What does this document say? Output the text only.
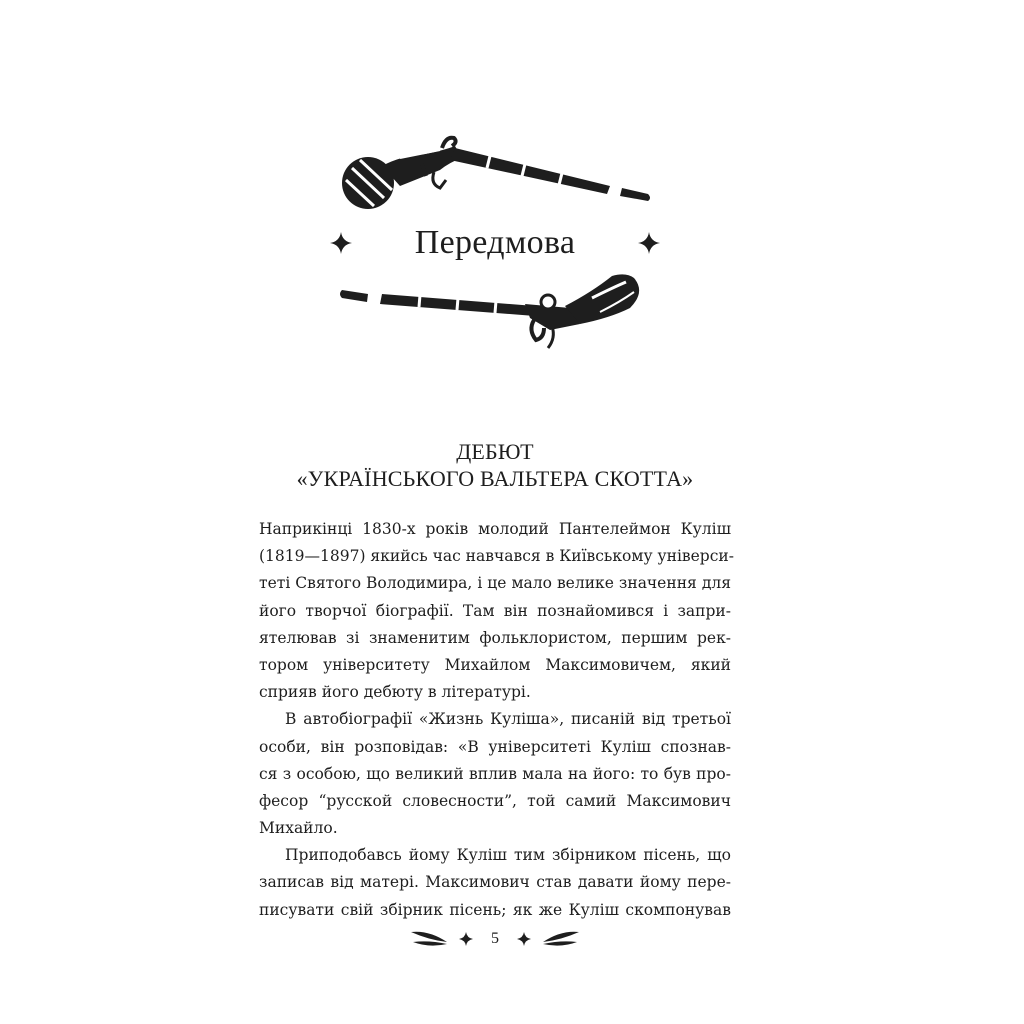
Передмова
ДЕБЮТ
«УКРАЇНСЬКОГО ВАЛЬТЕРА СКОТТА»
Наприкінці 1830-х років молодий Пантелеймон Куліш
(1819—1897) якийсь час навчався в Київському універси-
теті Святого Володимира, і це мало велике значення для
його творчої біографії. Там він познайомився і запри-
ятелював зі знаменитим фольклористом, першим рек-
тором університету Михайлом Максимовичем, який
сприяв його дебюту в літературі.
В автобіографії «Жизнь Куліша», писаній від третьої
особи, він розповідав: «В університеті Куліш спознав-
ся з особою, що великий вплив мала на його: то був про-
фесор “русской словесности”, той самий Максимович
Михайло.
Приподобавсь йому Куліш тим збірником пісень, що
записав від матері. Максимович став давати йому пере-
писувати свій збірник пісень; як же Куліш скомпонував
5
